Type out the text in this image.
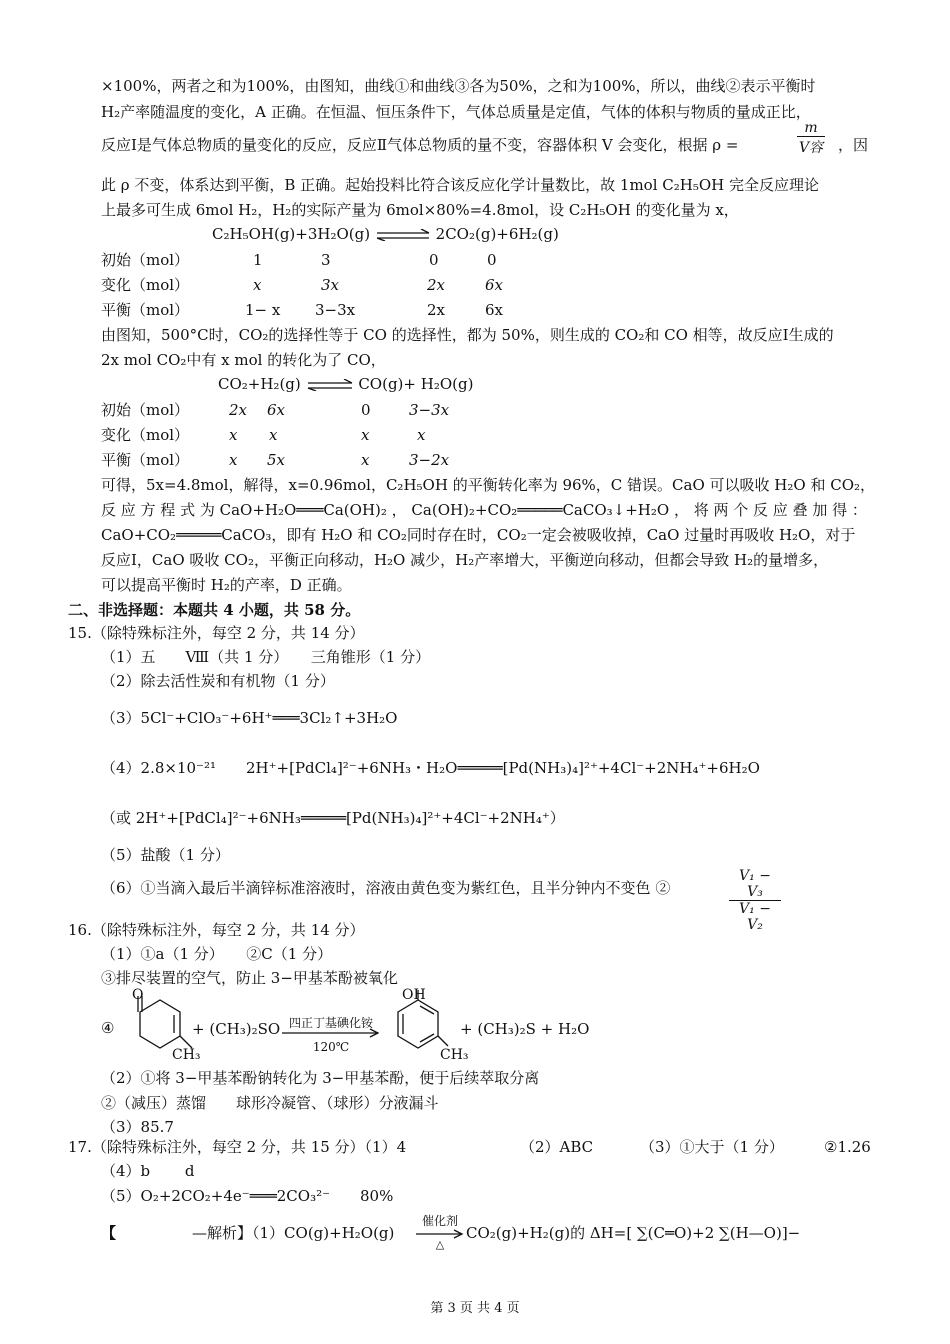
×100%，两者之和为100%，由图知，曲线①和曲线③各为50%，之和为100%，所以，曲线②表示平衡时
H₂产率随温度的变化，A 正确。在恒温、恒压条件下，气体总质量是定值，气体的体积与物质的量成正比，
反应Ⅰ是气体总物质的量变化的反应，反应Ⅱ气体总物质的量不变，容器体积 V 会变化，根据 ρ =
m
V容 ，因
此 ρ 不变，体系达到平衡，B 正确。起始投料比符合该反应化学计量数比，故 1mol C₂H₅OH 完全反应理论
上最多可生成 6mol H₂，H₂的实际产量为 6mol×80%=4.8mol，设 C₂H₅OH 的变化量为 x，
C₂H₅OH(g)+3H₂O(g) ⇌ 2CO₂(g)+6H₂(g)
初始（mol）	1	3	0	0
变化（mol）	x	3x	2x	6x
平衡（mol）	1− x 3−3x	2x	6x
由图知，500°C时，CO₂的选择性等于 CO 的选择性，都为 50%，则生成的 CO₂和 CO 相等，故反应Ⅰ生成的
2x mol CO₂中有 x mol 的转化为了 CO，
CO₂+H₂(g) ⇌ CO(g)+ H₂O(g)
初始（mol）	2x 6x	0	3−3x
变化（mol）	x x	x	x
平衡（mol）	x 5x	x	3−2x
可得，5x=4.8mol，解得，x=0.96mol，C₂H₅OH 的平衡转化率为 96%，C 错误。CaO 可以吸收 H₂O 和 CO₂，
反 应 方 程 式 为 CaO+H₂O═══Ca(OH)₂ ， Ca(OH)₂+CO₂═════CaCO₃↓+H₂O ， 将 两 个 反 应 叠 加 得 ：
CaO+CO₂═════CaCO₃，即有 H₂O 和 CO₂同时存在时，CO₂一定会被吸收掉，CaO 过量时再吸收 H₂O，对于
反应Ⅰ，CaO 吸收 CO₂，平衡正向移动，H₂O 减少，H₂产率增大，平衡逆向移动，但都会导致 H₂的量增多，
可以提高平衡时 H₂的产率，D 正确。
二、非选择题：本题共 4 小题，共 58 分。
15.（除特殊标注外，每空 2 分，共 14 分）
（1）五　　Ⅷ（共 1 分）　　三角锥形（1 分）
（2）除去活性炭和有机物（1 分）
（3）5Cl⁻+ClO₃⁻+6H⁺═══3Cl₂↑+3H₂O
（4）2.8×10⁻²¹　　2H⁺+[PdCl₄]²⁻+6NH₃・H₂O═════[Pd(NH₃)₄]²⁺+4Cl⁻+2NH₄⁺+6H₂O
（或 2H⁺+[PdCl₄]²⁻+6NH₃═════[Pd(NH₃)₄]²⁺+4Cl⁻+2NH₄⁺）
（5）盐酸（1 分）
（6）①当滴入最后半滴锌标准溶液时，溶液由黄色变为紫红色，且半分钟内不变色 ②	$\frac{\text{V₁ − V₃}}{\text{V₁ − V₂}}$
16.（除特殊标注外，每空 2 分，共 14 分）
（1）①a（1 分）　　②C（1 分）
③排尽装置的空气，防止 3−甲基苯酚被氧化
④
O
CH₃
+ (CH₃)₂SO 四正丁基碘化铵
120℃
OH
CH₃
+ (CH₃)₂S + H₂O
（2）①将 3−甲基苯酚钠转化为 3−甲基苯酚，便于后续萃取分离
②（减压）蒸馏　　球形冷凝管、（球形）分液漏斗
（3）85.7
17.（除特殊标注外，每空 2 分，共 15 分）（1）4	（2）ABC	（3）①大于（1 分）	②1.26
（4）b　　 d
（5）O₂+2CO₂+4e⁻═══2CO₃²⁻　　80%
【	—解析】（1）CO(g)+H₂O(g)
催化剂
△
CO₂(g)+H₂(g)的 ΔH=[ ∑(C═O)+2 ∑(H—O)]−
第 3 页 共 4 页
